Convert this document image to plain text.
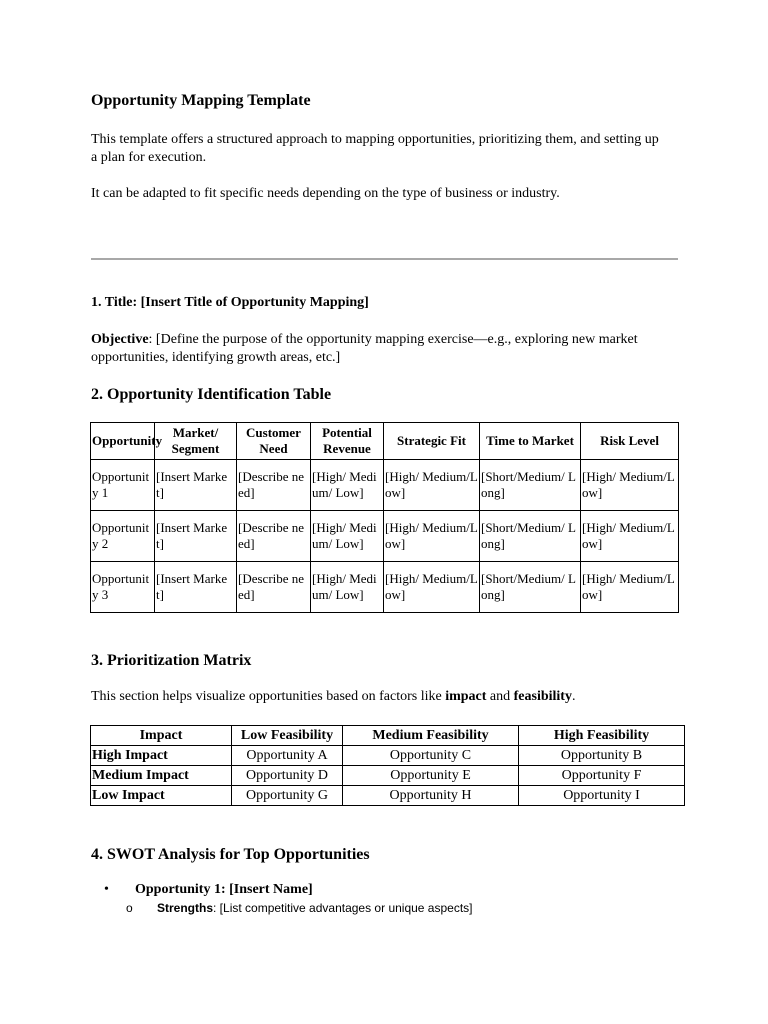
Opportunity Mapping Template

This template offers a structured approach to mapping opportunities, prioritizing them, and setting up a plan for execution.

It can be adapted to fit specific needs depending on the type of business or industry.

1. Title: [Insert Title of Opportunity Mapping]

Objective: [Define the purpose of the opportunity mapping exercise—e.g., exploring new market opportunities, identifying growth areas, etc.]

2. Opportunity Identification Table

Opportunity	Market/ Segment	Customer Need	Potential Revenue	Strategic Fit	Time to Market	Risk Level
Opportunity 1	[Insert Market]	[Describe need]	[High/ Medium/ Low]	[High/ Medium/Low]	[Short/Medium/ Long]	[High/ Medium/Low]
Opportunity 2	[Insert Market]	[Describe need]	[High/ Medium/ Low]	[High/ Medium/Low]	[Short/Medium/ Long]	[High/ Medium/Low]
Opportunity 3	[Insert Market]	[Describe need]	[High/ Medium/ Low]	[High/ Medium/Low]	[Short/Medium/ Long]	[High/ Medium/Low]

3. Prioritization Matrix

This section helps visualize opportunities based on factors like impact and feasibility.

Impact	Low Feasibility	Medium Feasibility	High Feasibility
High Impact	Opportunity A	Opportunity C	Opportunity B
Medium Impact	Opportunity D	Opportunity E	Opportunity F
Low Impact	Opportunity G	Opportunity H	Opportunity I

4. SWOT Analysis for Top Opportunities

• Opportunity 1: [Insert Name]
o Strengths: [List competitive advantages or unique aspects]
